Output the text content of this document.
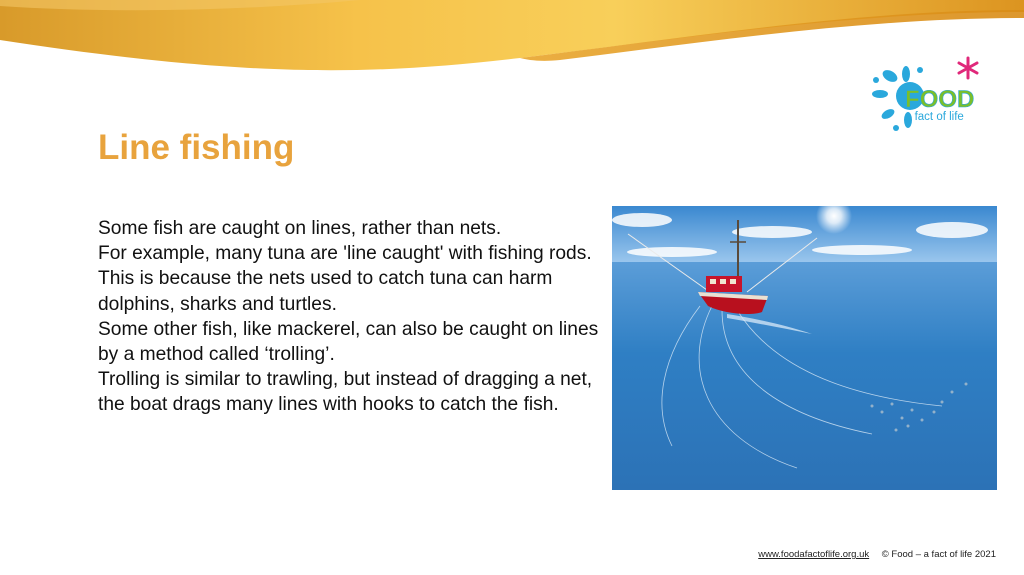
FOOD
a fact of life
Line fishing

Some fish are caught on lines, rather than nets.

For example, many tuna are 'line caught' with fishing rods. This is because the nets used to catch tuna can harm dolphins, sharks and turtles.

Some other fish, like mackerel, can also be caught on lines by a method called ‘trolling’.

Trolling is similar to trawling, but instead of dragging a net, the boat drags many lines with hooks to catch the fish.

www.foodafactoflife.org.uk © Food – a fact of life 2021
